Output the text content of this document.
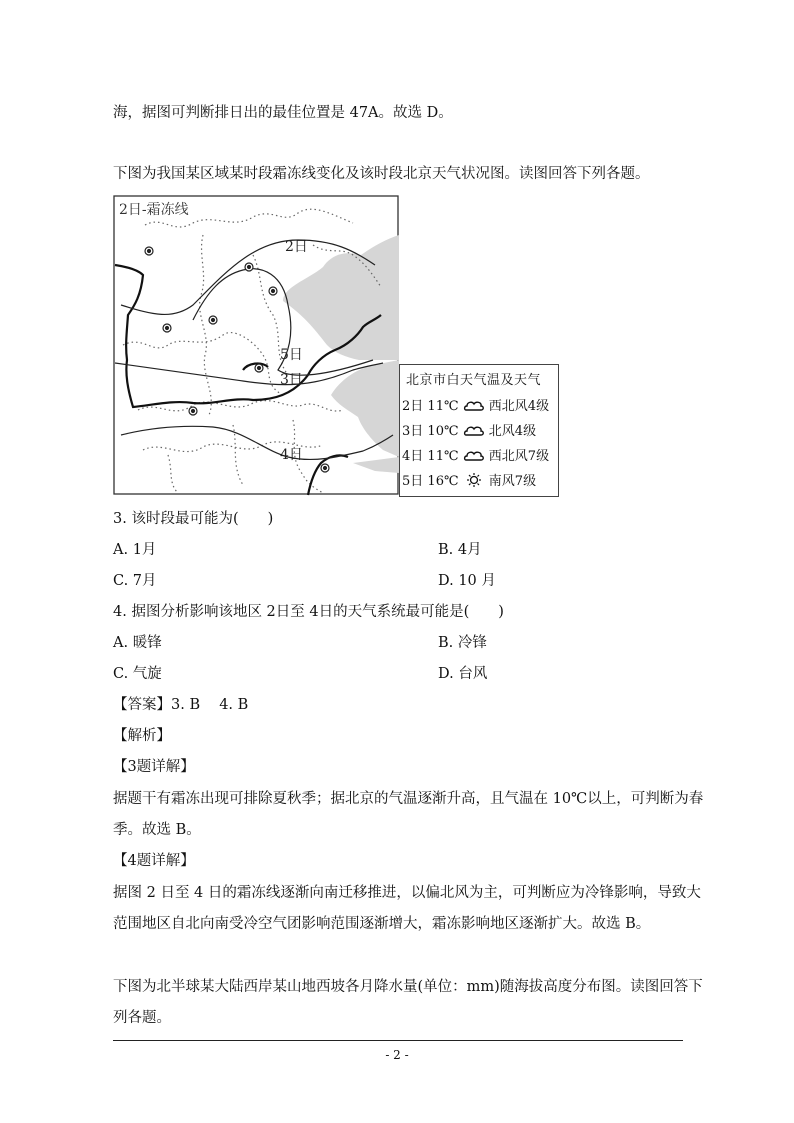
海，据图可判断排日出的最佳位置是 47A。故选 D。
下图为我国某区域某时段霜冻线变化及该时段北京天气状况图。读图回答下列各题。
2日-霜冻线
2日
5日
3日
4日
北京市白天气温及天气
2日 11℃ 西北风4级
3日 10℃ 北风4级
4日 11℃ 西北风7级
5日 16℃ 南风7级
3. 该时段最可能为(　　)
A. 1月	B. 4月
C. 7月	D. 10 月
4. 据图分析影响该地区 2日至 4日的天气系统最可能是(　　)
A. 暖锋	B. 冷锋
C. 气旋	D. 台风
【答案】3. B　 4. B
【解析】
【3题详解】
据题干有霜冻出现可排除夏秋季；据北京的气温逐渐升高，且气温在 10℃以上，可判断为春
季。故选 B。
【4题详解】
据图 2 日至 4 日的霜冻线逐渐向南迁移推进，以偏北风为主，可判断应为冷锋影响，导致大
范围地区自北向南受冷空气团影响范围逐渐增大，霜冻影响地区逐渐扩大。故选 B。
下图为北半球某大陆西岸某山地西坡各月降水量(单位：mm)随海拔高度分布图。读图回答下
列各题。
- 2 -
